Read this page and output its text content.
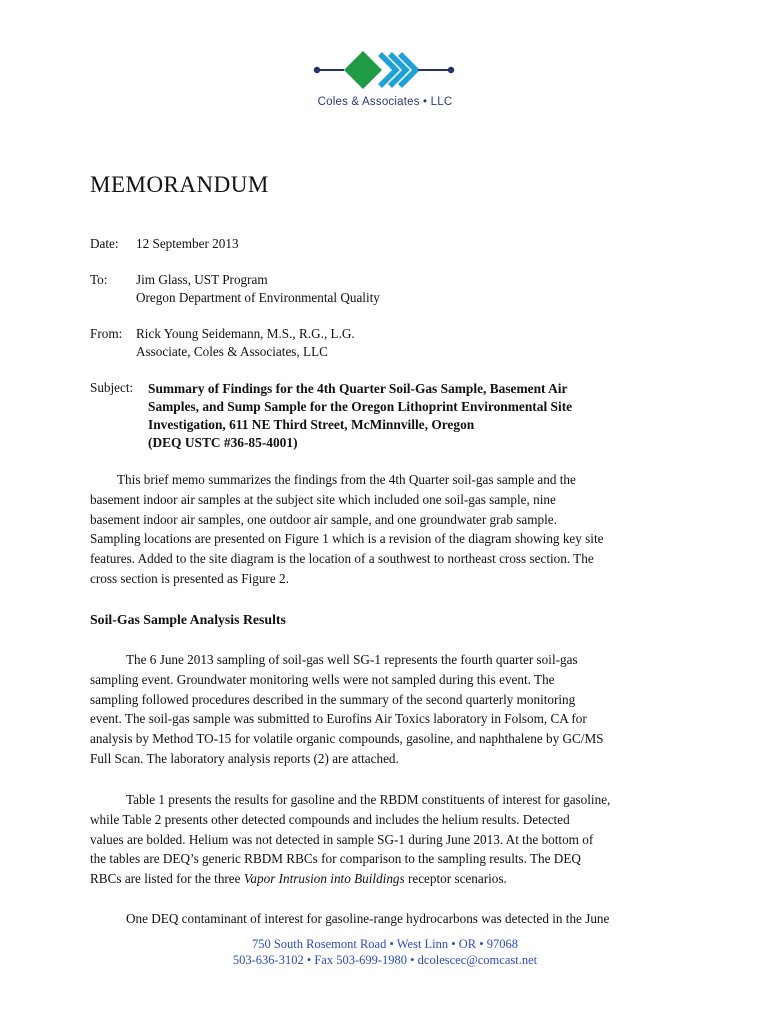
Coles & Associates • LLC
MEMORANDUM
Date: 12 September 2013
To: Jim Glass, UST Program
Oregon Department of Environmental Quality
From: Rick Young Seidemann, M.S., R.G., L.G.
Associate, Coles & Associates, LLC
Subject: Summary of Findings for the 4th Quarter Soil-Gas Sample, Basement Air
Samples, and Sump Sample for the Oregon Lithoprint Environmental Site
Investigation, 611 NE Third Street, McMinnville, Oregon
(DEQ USTC #36-85-4001)
This brief memo summarizes the findings from the 4th Quarter soil-gas sample and the
basement indoor air samples at the subject site which included one soil-gas sample, nine
basement indoor air samples, one outdoor air sample, and one groundwater grab sample.
Sampling locations are presented on Figure 1 which is a revision of the diagram showing key site
features. Added to the site diagram is the location of a southwest to northeast cross section. The
cross section is presented as Figure 2.
Soil-Gas Sample Analysis Results
The 6 June 2013 sampling of soil-gas well SG-1 represents the fourth quarter soil-gas
sampling event. Groundwater monitoring wells were not sampled during this event. The
sampling followed procedures described in the summary of the second quarterly monitoring
event. The soil-gas sample was submitted to Eurofins Air Toxics laboratory in Folsom, CA for
analysis by Method TO-15 for volatile organic compounds, gasoline, and naphthalene by GC/MS
Full Scan. The laboratory analysis reports (2) are attached.
Table 1 presents the results for gasoline and the RBDM constituents of interest for gasoline,
while Table 2 presents other detected compounds and includes the helium results. Detected
values are bolded. Helium was not detected in sample SG-1 during June 2013. At the bottom of
the tables are DEQ’s generic RBDM RBCs for comparison to the sampling results. The DEQ
RBCs are listed for the three Vapor Intrusion into Buildings receptor scenarios.
One DEQ contaminant of interest for gasoline-range hydrocarbons was detected in the June
750 South Rosemont Road • West Linn • OR • 97068
503-636-3102 • Fax 503-699-1980 • dcolescec@comcast.net
